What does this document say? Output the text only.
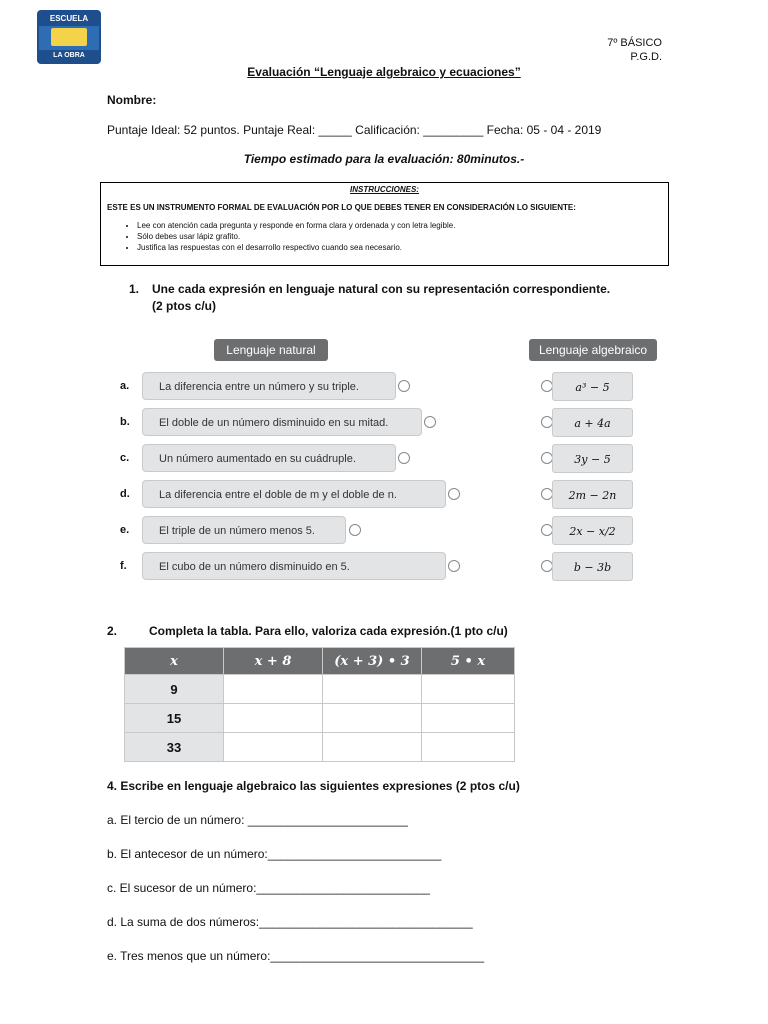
ESCUELA
LA OBRA
7º BÁSICO
P.G.D.
Evaluación “Lenguaje algebraico y ecuaciones”
Nombre:
Puntaje Ideal: 52 puntos. Puntaje Real: _____ Calificación: _________ Fecha: 05 - 04 - 2019
Tiempo estimado para la evaluación: 80minutos.-
INSTRUCCIONES:
ESTE ES UN INSTRUMENTO FORMAL DE EVALUACIÓN POR LO QUE DEBES TENER EN CONSIDERACIÓN LO SIGUIENTE:
• Lee con atención cada pregunta y responde en forma clara y ordenada y con letra legible.
• Sólo debes usar lápiz grafito.
• Justifica las respuestas con el desarrollo respectivo cuando sea necesario.
1. Une cada expresión en lenguaje natural con su representación correspondiente.
(2 ptos c/u)
Lenguaje natural	Lenguaje algebraico
a.	La diferencia entre un número y su triple.	a³ − 5
b.	El doble de un número disminuido en su mitad.	a + 4a
c.	Un número aumentado en su cuádruple.	3y − 5
d.	La diferencia entre el doble de m y el doble de n.	2m − 2n
e.	El triple de un número menos 5.	2x − x/2
f.	El cubo de un número disminuido en 5.	b − 3b
2.	Completa la tabla. Para ello, valoriza cada expresión.(1 pto c/u)
x	x + 8	(x + 3) • 3	5 • x
9			
15			
33			
4. Escribe en lenguaje algebraico las siguientes expresiones (2 ptos c/u)
a. El tercio de un número: ________________________
b. El antecesor de un número:__________________________
c. El sucesor de un número:__________________________
d. La suma de dos números:________________________________
e. Tres menos que un número:________________________________
